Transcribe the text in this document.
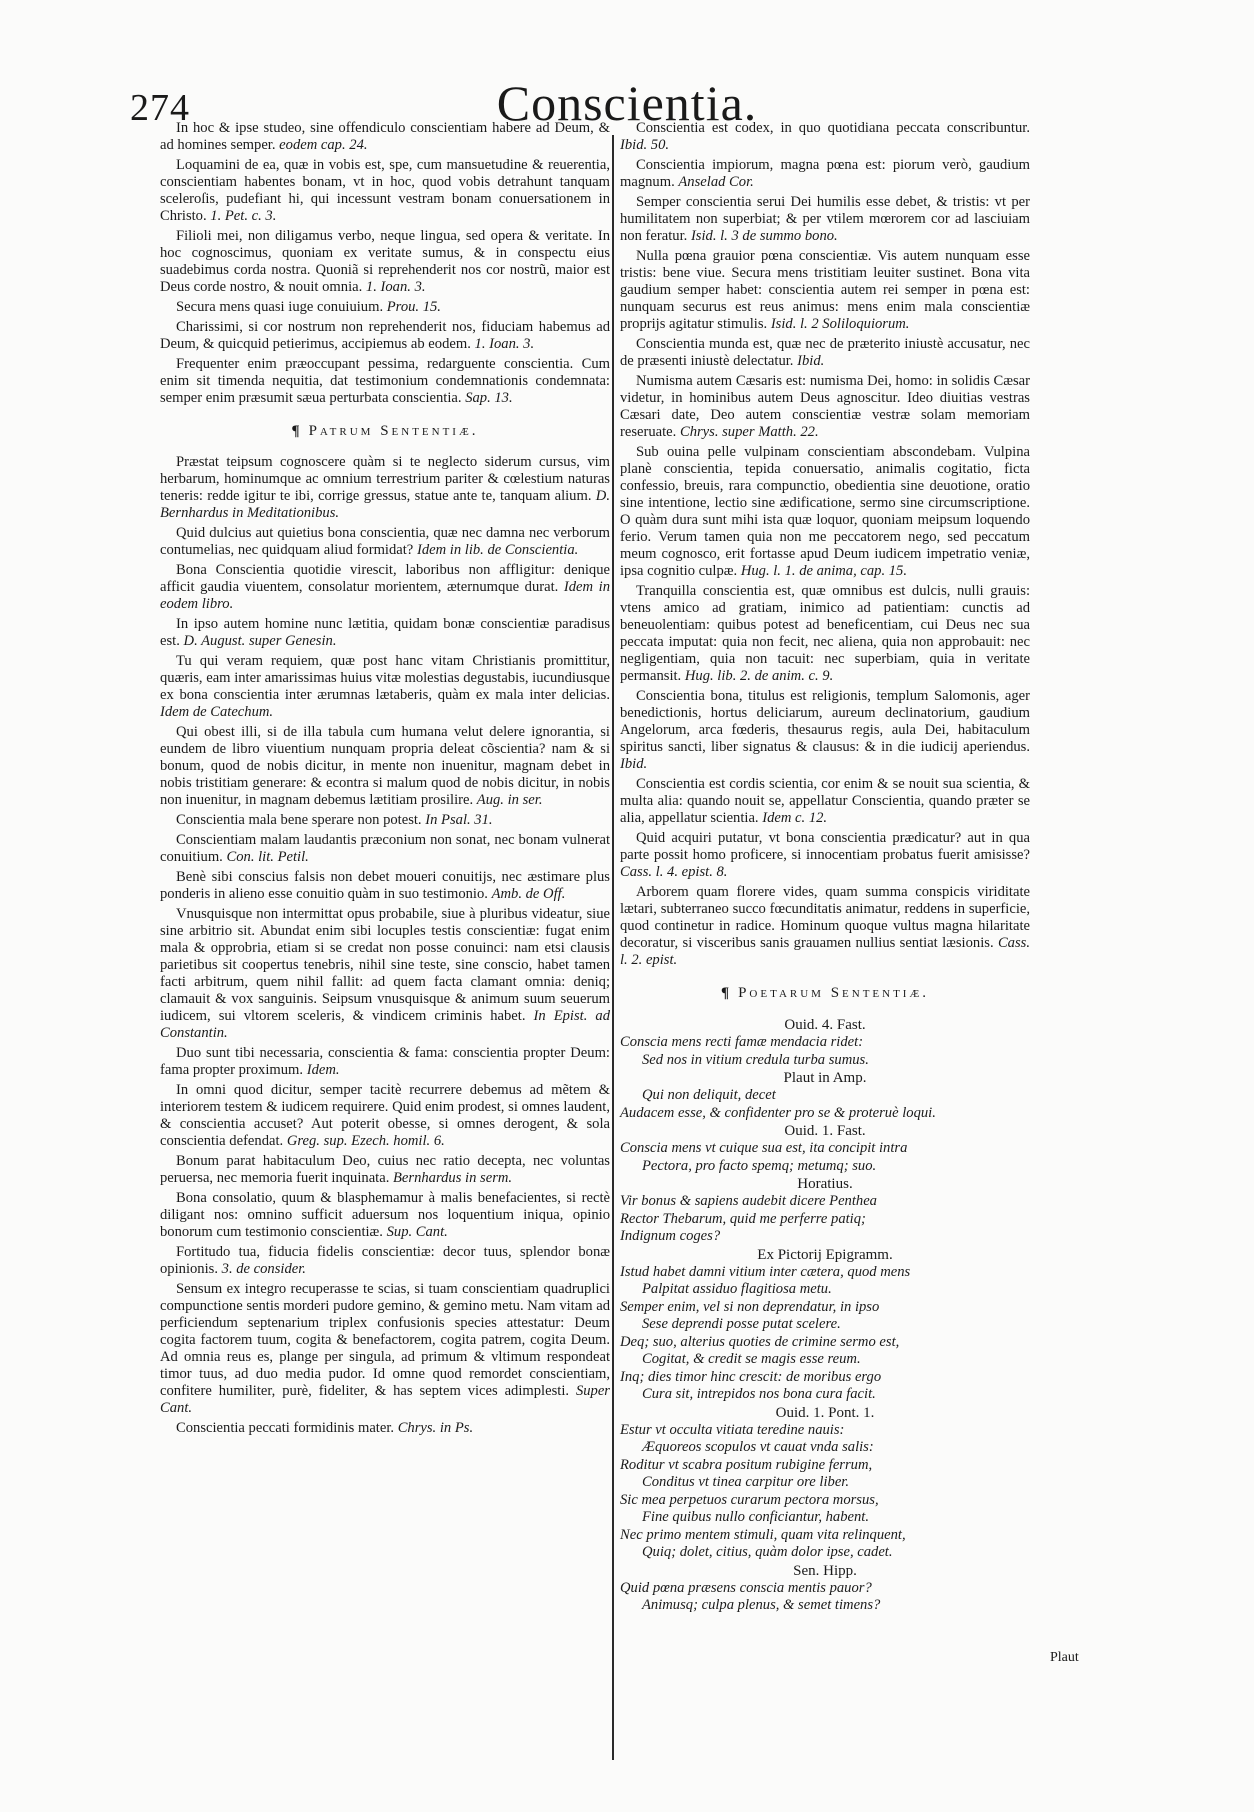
274	Conscientia.

In hoc & ipse studeo, sine offendiculo conscientiam habere ad Deum, & ad homines semper. eodem cap. 24.

Loquamini de ea, quæ in vobis est, spe, cum mansuetudine & reuerentia, conscientiam habentes bonam, vt in hoc, quod vobis detrahunt tanquam sceleroſis, pudefiant hi, qui incessunt vestram bonam conuersationem in Christo. 1. Pet. c. 3.

Filioli mei, non diligamus verbo, neque lingua, sed opera & veritate. In hoc cognoscimus, quoniam ex veritate sumus, & in conspectu eius suadebimus corda nostra. Quoniã si reprehenderit nos cor nostrũ, maior est Deus corde nostro, & nouit omnia. 1. Ioan. 3.

Secura mens quasi iuge conuiuium. Prou. 15.

Charissimi, si cor nostrum non reprehenderit nos, fiduciam habemus ad Deum, & quicquid petierimus, accipiemus ab eodem. 1. Ioan. 3.

Frequenter enim præoccupant pessima, redarguente conscientia. Cum enim sit timenda nequitia, dat testimonium condemnationis condemnata: semper enim præsumit sæua perturbata conscientia. Sap. 13.

¶ Patrum Sententiæ.

Præstat teipsum cognoscere quàm si te neglecto siderum cursus, vim herbarum, hominumque ac omnium terrestrium pariter & cœlestium naturas teneris: redde igitur te ibi, corrige gressus, statue ante te, tanquam alium. D. Bernhardus in Meditationibus.

Quid dulcius aut quietius bona conscientia, quæ nec damna nec verborum contumelias, nec quidquam aliud formidat? Idem in lib. de Conscientia.

Bona Conscientia quotidie virescit, laboribus non affligitur: denique afficit gaudia viuentem, consolatur morientem, æternumque durat. Idem in eodem libro.

In ipso autem homine nunc lætitia, quidam bonæ conscientiæ paradisus est. D. August. super Genesin.

Tu qui veram requiem, quæ post hanc vitam Christianis promittitur, quæris, eam inter amarissimas huius vitæ molestias degustabis, iucundiusque ex bona conscientia inter ærumnas lætaberis, quàm ex mala inter delicias. Idem de Catechum.

Qui obest illi, si de illa tabula cum humana velut delere ignorantia, si eundem de libro viuentium nunquam propria deleat cõscientia? nam & si bonum, quod de nobis dicitur, in mente non inuenitur, magnam debet in nobis tristitiam generare: & econtra si malum quod de nobis dicitur, in nobis non inuenitur, in magnam debemus lætitiam prosilire. Aug. in ser.

Conscientia mala bene sperare non potest. In Psal. 31.

Conscientiam malam laudantis præconium non sonat, nec bonam vulnerat conuitium. Con. lit. Petil.

Benè sibi conscius falsis non debet moueri conuitijs, nec æstimare plus ponderis in alieno esse conuitio quàm in suo testimonio. Amb. de Off.

Vnusquisque non intermittat opus probabile, siue à pluribus videatur, siue sine arbitrio sit. Abundat enim sibi locuples testis conscientiæ: fugat enim mala & opprobria, etiam si se credat non posse conuinci: nam etsi clausis parietibus sit coopertus tenebris, nihil sine teste, sine conscio, habet tamen facti arbitrum, quem nihil fallit: ad quem facta clamant omnia: deniq; clamauit & vox sanguinis. Seipsum vnusquisque & animum suum seuerum iudicem, sui vltorem sceleris, & vindicem criminis habet. In Epist. ad Constantin.

Duo sunt tibi necessaria, conscientia & fama: conscientia propter Deum: fama propter proximum. Idem.

In omni quod dicitur, semper tacitè recurrere debemus ad mẽtem & interiorem testem & iudicem requirere. Quid enim prodest, si omnes laudent, & conscientia accuset? Aut poterit obesse, si omnes derogent, & sola conscientia defendat. Greg. sup. Ezech. homil. 6.

Bonum parat habitaculum Deo, cuius nec ratio decepta, nec voluntas peruersa, nec memoria fuerit inquinata. Bernhardus in serm.

Bona consolatio, quum & blasphemamur à malis benefacientes, si rectè diligant nos: omnino sufficit aduersum nos loquentium iniqua, opinio bonorum cum testimonio conscientiæ. Sup. Cant.

Fortitudo tua, fiducia fidelis conscientiæ: decor tuus, splendor bonæ opinionis. 3. de consider.

Sensum ex integro recuperasse te scias, si tuam conscientiam quadruplici compunctione sentis morderi pudore gemino, & gemino metu. Nam vitam ad perficiendum septenarium triplex confusionis species attestatur: Deum cogita factorem tuum, cogita & benefactorem, cogita patrem, cogita Deum. Ad omnia reus es, plange per singula, ad primum & vltimum respondeat timor tuus, ad duo media pudor. Id omne quod remordet conscientiam, confitere humiliter, purè, fideliter, & has septem vices adimplesti. Super Cant.

Conscientia peccati formidinis mater. Chrys. in Ps.

Conscientia est codex, in quo quotidiana peccata conscribuntur. Ibid. 50.

Conscientia impiorum, magna pœna est: piorum verò, gaudium magnum. Anselad Cor.

Semper conscientia serui Dei humilis esse debet, & tristis: vt per humilitatem non superbiat; & per vtilem mœrorem cor ad lasciuiam non feratur. Isid. l. 3 de summo bono.

Nulla pœna grauior pœna conscientiæ. Vis autem nunquam esse tristis: bene viue. Secura mens tristitiam leuiter sustinet. Bona vita gaudium semper habet: conscientia autem rei semper in pœna est: nunquam securus est reus animus: mens enim mala conscientiæ proprijs agitatur stimulis. Isid. l. 2 Soliloquiorum.

Conscientia munda est, quæ nec de præterito iniustè accusatur, nec de præsenti iniustè delectatur. Ibid.

Numisma autem Cæsaris est: numisma Dei, homo: in solidis Cæsar videtur, in hominibus autem Deus agnoscitur. Ideo diuitias vestras Cæsari date, Deo autem conscientiæ vestræ solam memoriam reseruate. Chrys. super Matth. 22.

Sub ouina pelle vulpinam conscientiam abscondebam. Vulpina planè conscientia, tepida conuersatio, animalis cogitatio, ficta confessio, breuis, rara compunctio, obedientia sine deuotione, oratio sine intentione, lectio sine ædificatione, sermo sine circumscriptione. O quàm dura sunt mihi ista quæ loquor, quoniam meipsum loquendo ferio. Verum tamen quia non me peccatorem nego, sed peccatum meum cognosco, erit fortasse apud Deum iudicem impetratio veniæ, ipsa cognitio culpæ. Hug. l. 1. de anima, cap. 15.

Tranquilla conscientia est, quæ omnibus est dulcis, nulli grauis: vtens amico ad gratiam, inimico ad patientiam: cunctis ad beneuolentiam: quibus potest ad beneficentiam, cui Deus nec sua peccata imputat: quia non fecit, nec aliena, quia non approbauit: nec negligentiam, quia non tacuit: nec superbiam, quia in veritate permansit. Hug. lib. 2. de anim. c. 9.

Conscientia bona, titulus est religionis, templum Salomonis, ager benedictionis, hortus deliciarum, aureum declinatorium, gaudium Angelorum, arca fœderis, thesaurus regis, aula Dei, habitaculum spiritus sancti, liber signatus & clausus: & in die iudicij aperiendus. Ibid.

Conscientia est cordis scientia, cor enim & se nouit sua scientia, & multa alia: quando nouit se, appellatur Conscientia, quando præter se alia, appellatur scientia. Idem c. 12.

Quid acquiri putatur, vt bona conscientia prædicatur? aut in qua parte possit homo proficere, si innocentiam probatus fuerit amisisse? Cass. l. 4. epist. 8.

Arborem quam florere vides, quam summa conspicis viriditate lætari, subterraneo succo fœcunditatis animatur, reddens in superficie, quod continetur in radice. Hominum quoque vultus magna hilaritate decoratur, si visceribus sanis grauamen nullius sentiat læsionis. Cass. l. 2. epist.

¶ Poetarum Sententiæ.
Ouid. 4. Fast.
Conscia mens recti famæ mendacia ridet:
Sed nos in vitium credula turba sumus.
Plaut in Amp.
Qui non deliquit, decet
Audacem esse, & confidenter pro se & proteruè loqui.
Ouid. 1. Fast.
Conscia mens vt cuique sua est, ita concipit intra
Pectora, pro facto spemq; metumq; suo.
Horatius.
Vir bonus & sapiens audebit dicere Penthea
Rector Thebarum, quid me perferre patiq;
Indignum coges?
Ex Pictorij Epigramm.
Istud habet damni vitium inter cætera, quod mens
Palpitat assiduo flagitiosa metu.
Semper enim, vel si non deprendatur, in ipso
Sese deprendi posse putat scelere.
Deq; suo, alterius quoties de crimine sermo est,
Cogitat, & credit se magis esse reum.
Inq; dies timor hinc crescit: de moribus ergo
Cura sit, intrepidos nos bona cura facit.
Ouid. 1. Pont. 1.
Estur vt occulta vitiata teredine nauis:
Æquoreos scopulos vt cauat vnda salis:
Roditur vt scabra positum rubigine ferrum,
Conditus vt tinea carpitur ore liber.
Sic mea perpetuos curarum pectora morsus,
Fine quibus nullo conficiantur, habent.
Nec primo mentem stimuli, quam vita relinquent,
Quiq; dolet, citius, quàm dolor ipse, cadet.
Sen. Hipp.
Quid pœna præsens conscia mentis pauor?
Animusq; culpa plenus, & semet timens?
Plaut
